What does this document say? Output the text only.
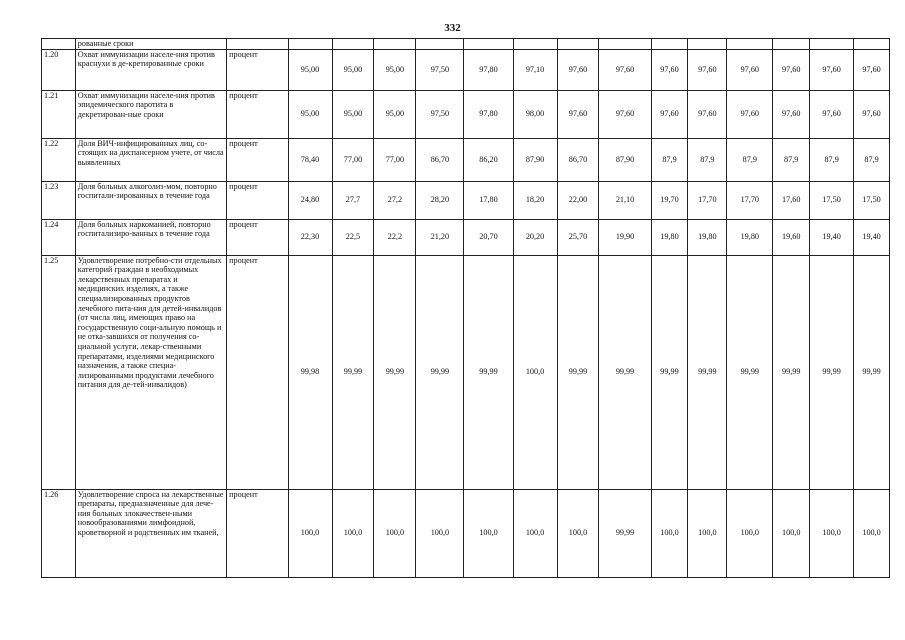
332
	рованные сроки															
1.20	Охват иммунизации населе-ния против краснухи в де-кретированные сроки	процент	95,00	95,00	95,00	97,50	97,80	97,10	97,60	97,60	97,60	97,60	97,60	97,60	97,60	97,60
1.21	Охват иммунизации населе-ния против эпидемического паротита в декретирован-ные сроки	процент	95,00	95,00	95,00	97,50	97,80	98,00	97,60	97,60	97,60	97,60	97,60	97,60	97,60	97,60
1.22	Доля ВИЧ-инфицированных лиц, со-стоящих на диспансерном учете, от числа выявленных	процент	78,40	77,00	77,00	86,70	86,20	87,90	86,70	87,90	87,9	87,9	87,9	87,9	87,9	87,9
1.23	Доля больных алкоголиз-мом, повторно госпитали-зированных в течение года	процент	24,80	27,7	27,2	28,20	17,80	18,20	22,00	21,10	19,70	17,70	17,70	17,60	17,50	17,50
1.24	Доля больных наркоманией, повторно госпитализиро-ванных в течение года	процент	22,30	22,5	22,2	21,20	20,70	20,20	25,70	19,90	19,80	19,80	19,80	19,60	19,40	19,40
1.25	Удовлетворение потребно-сти отдельных категорий граждан в необходимых лекарственных препаратах и медицинских изделиях, а также специализированных продуктов лечебного пита-ния для детей-инвалидов (от числа лиц, имеющих право на государственную соци-альную помощь и не отка-завшихся от получения со-циальной услуги, лекар-ственными препаратами, изделиями медицинского назначения, а также специа-лизированными продуктами лечебного питания для де-тей-инвалидов)	процент	99,98	99,99	99,99	99,99	99,99	100,0	99,99	99,99	99,99	99,99	99,99	99,99	99,99	99,99
1.26	Удовлетворение спроса на лекарственные препараты, предназначенные для лече-ния больных злокачествен-ными новообразованиями лимфоидной, кроветворной и родственных им тканей,	процент	100,0	100,0	100,0	100,0	100,0	100,0	100,0	99,99	100,0	100,0	100,0	100,0	100,0	100,0
